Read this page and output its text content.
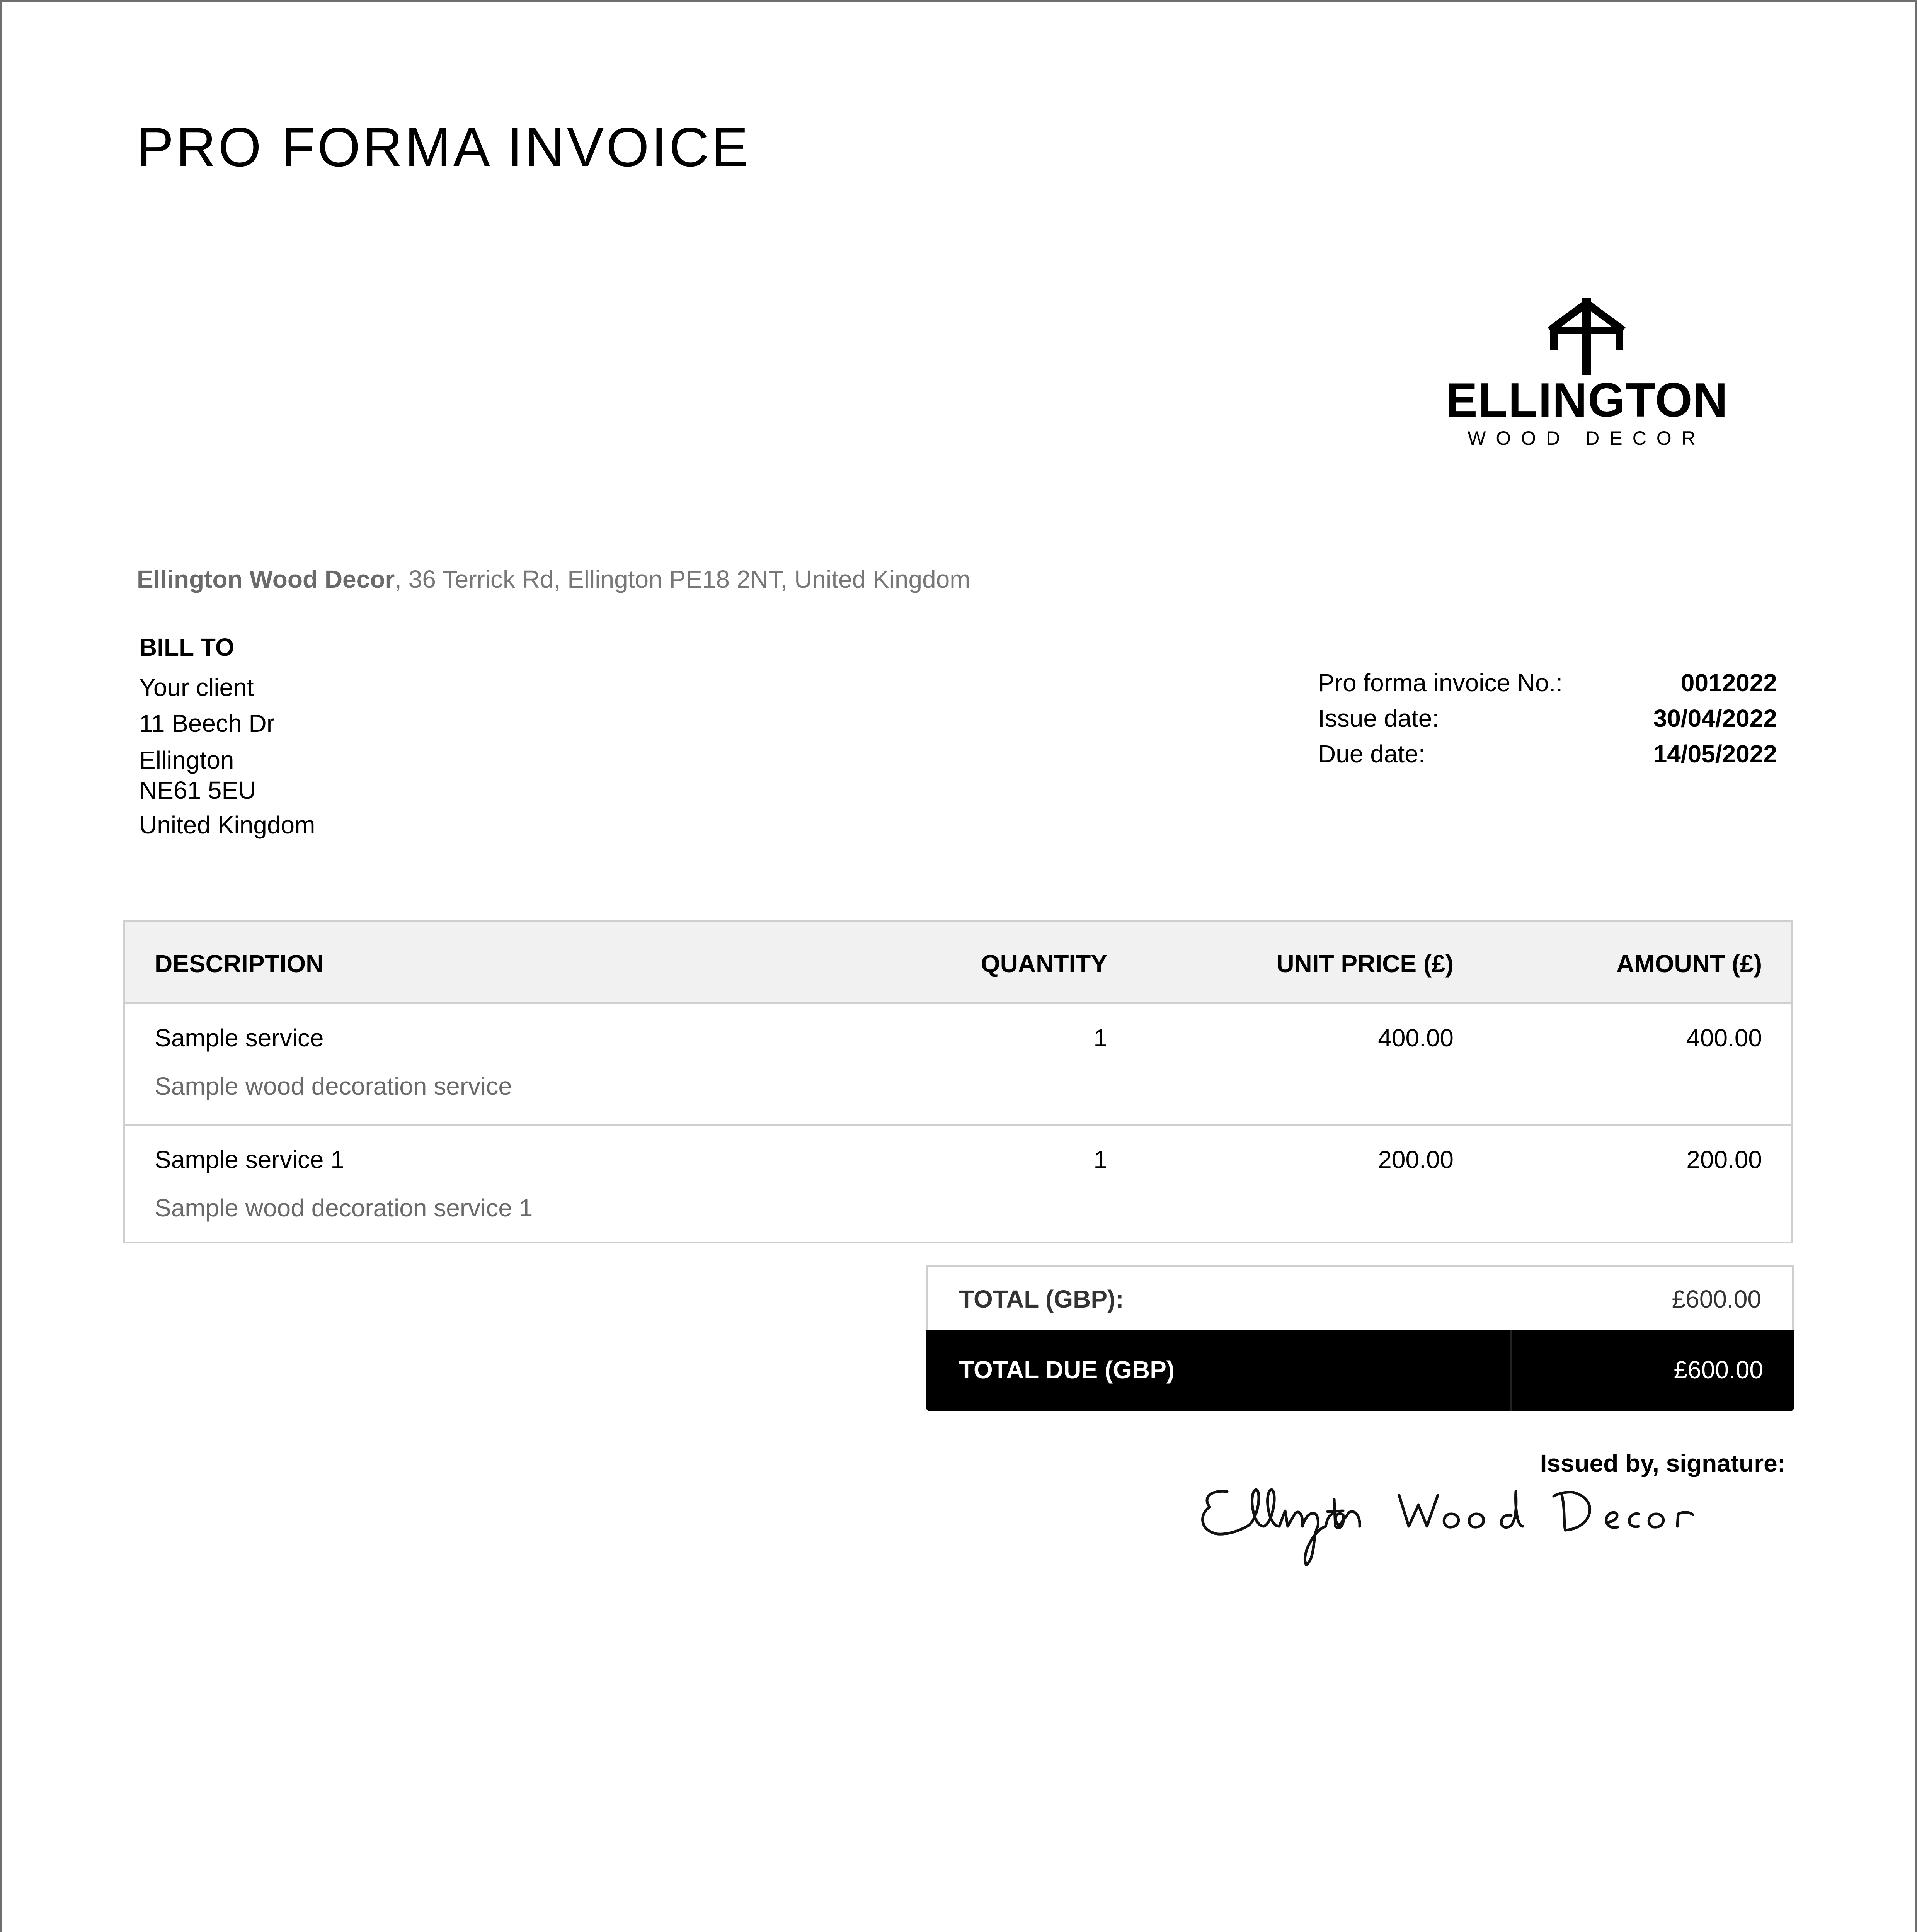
PRO FORMA INVOICE
ELLINGTON
WOOD DECOR
Ellington Wood Decor, 36 Terrick Rd, Ellington PE18 2NT, United Kingdom
BILL TO
Your client
11 Beech Dr
Ellington
NE61 5EU
United Kingdom
Pro forma invoice No.:	0012022
Issue date:	30/04/2022
Due date:	14/05/2022
DESCRIPTION	QUANTITY	UNIT PRICE (£)	AMOUNT (£)
Sample service
Sample wood decoration service
1	400.00	400.00
Sample service 1
Sample wood decoration service 1
1	200.00	200.00
TOTAL (GBP):	£600.00
TOTAL DUE (GBP)	£600.00
Issued by, signature:
